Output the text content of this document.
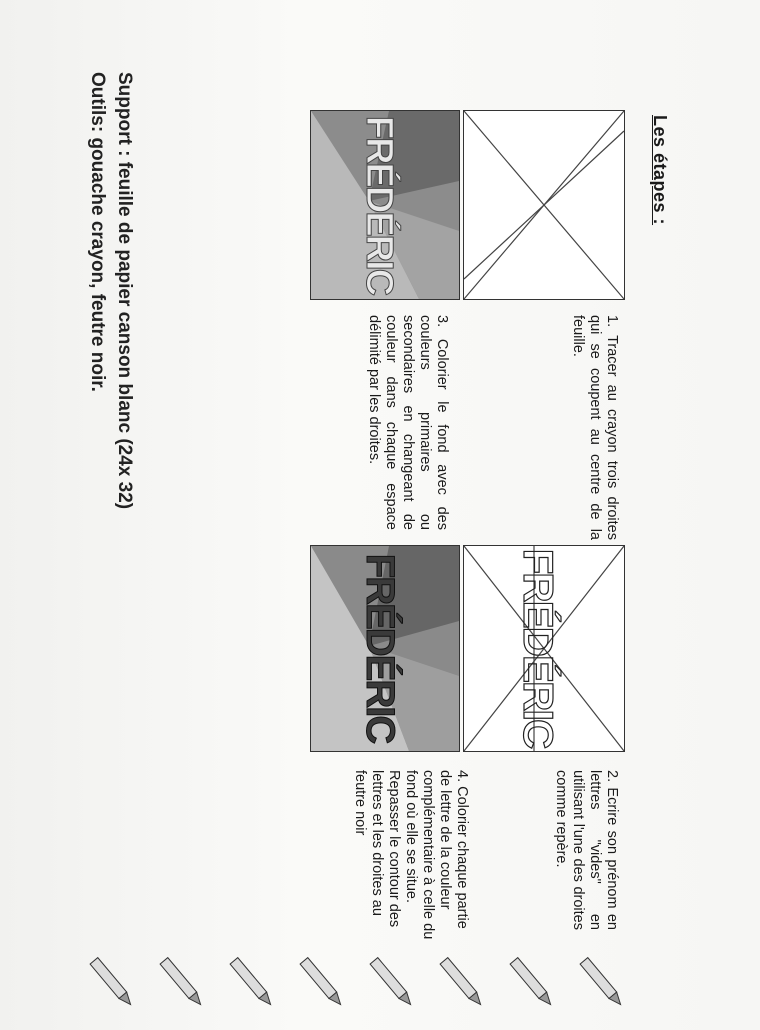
Les étapes :
FRÉDÉRIC
FRÉDÉRIC
FRÉDÉRIC

1. Tracer au crayon trois droites qui se coupent au centre de la feuille.

2. Ecrire son prénom en lettres "vides" en utilisant l'une des droites comme repère.

3. Colorier le fond avec des couleurs primaires ou secondaires en changeant de couleur dans chaque espace délimité par les droites.

4. Colorier chaque partie de lettre de la couleur complémentaire à celle du fond où elle se situe.

Repasser le contour des lettres et les droites au feutre noir

Support : feuille de papier canson blanc (24x 32)
Outils: gouache crayon, feutre noir.
